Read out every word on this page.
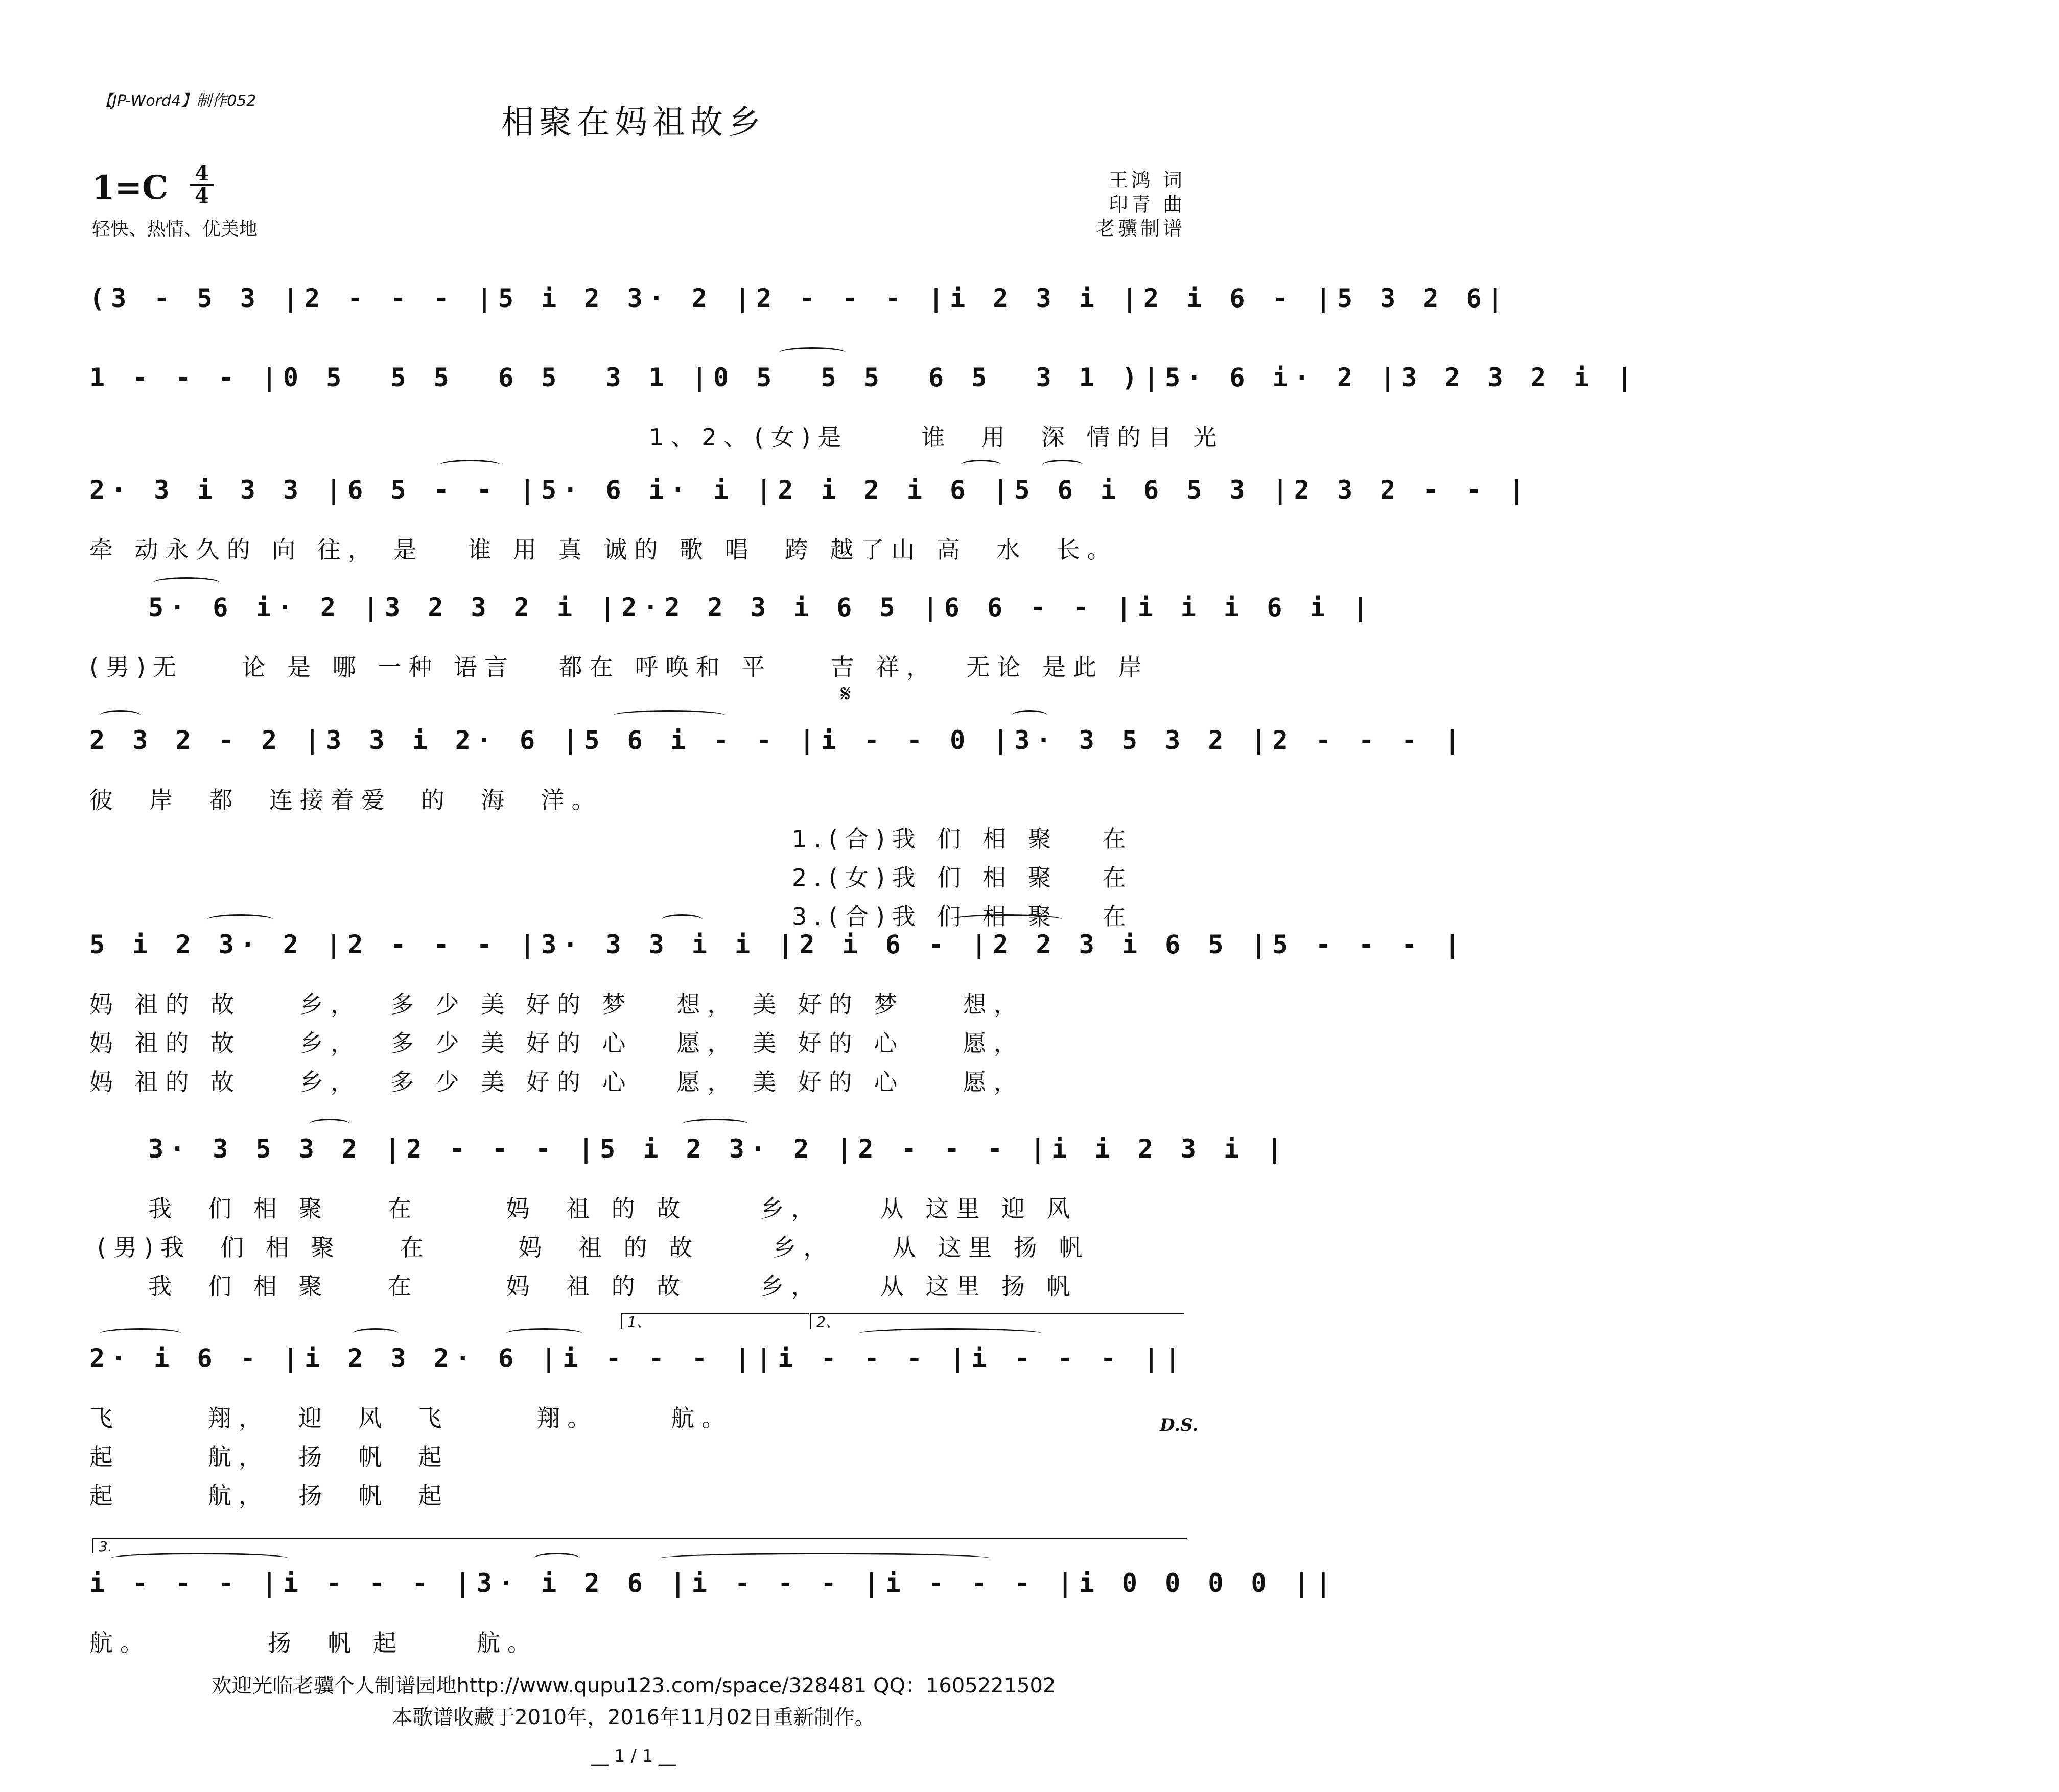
【JP-Word4】制作052
相聚在妈祖故乡
1=C 4
4
轻快、热情、优美地
王鸿 词
印青 曲
老骥制谱
(3 - 5 3 |2 - - - |5 i 2 3· 2 |2 - - - |i 2 3 i |2 i 6 - |5 3 2 6|
1 - - - |0 5  5 5  6 5  3 1 |0 5  5 5  6 5  3 1 )|5· 6 i· 2 |3 2 3 2 i |
1、2、(女)是     谁  用  深 情的目 光
2· 3 i 3 3 |6 5 - - |5· 6 i· i |2 i 2 i 6 |5 6 i 6 5 3 |2 3 2 - - |
牵 动永久的 向 往， 是   谁 用 真 诚的 歌 唱  跨 越了山 高  水  长。
5· 6 i· 2 |3 2 3 2 i |2·2 2 3 i 6 5 |6 6 - - |i i i 6 i |
(男)无    论 是 哪 一种 语言   都在 呼唤和 平    吉 祥，  无论 是此 岸
𝄋
2 3 2 - 2 |3 3 i 2· 6 |5 6 i - - |i - - 0 |3· 3 5 3 2 |2 - - - |
彼  岸  都  连接着爱  的  海  洋。
1.(合)我 们 相 聚   在
2.(女)我 们 相 聚   在
3.(合)我 们 相 聚   在
5 i 2 3· 2 |2 - - - |3· 3 3 i i |2 i 6 - |2 2 3 i 6 5 |5 - - - |
妈 祖的 故    乡，  多 少 美 好的 梦   想， 美 好的 梦    想，
妈 祖的 故    乡，  多 少 美 好的 心   愿， 美 好的 心    愿，
妈 祖的 故    乡，  多 少 美 好的 心   愿， 美 好的 心    愿，
3· 3 5 3 2 |2 - - - |5 i 2 3· 2 |2 - - - |i i 2 3 i |
我  们 相 聚    在      妈  祖 的 故     乡，    从 这里 迎 风
(男)我  们 相 聚    在      妈  祖 的 故     乡，    从 这里 扬 帆
我  们 相 聚    在      妈  祖 的 故     乡，    从 这里 扬 帆
1、	2、
2· i 6 - |i 2 3 2· 6 |i - - - ||i - - - |i - - - ||
飞      翔，  迎  风  飞      翔。     航。
起      航，  扬  帆  起
起      航，  扬  帆  起
D.S.
3.
i - - - |i - - - |3· i 2 6 |i - - - |i - - - |i 0 0 0 0 ||
航。        扬  帆 起     航。
欢迎光临老骥个人制谱园地http://www.qupu123.com/space/328481 QQ：1605221502
本歌谱收藏于2010年，2016年11月02日重新制作。
__ 1 / 1 __
